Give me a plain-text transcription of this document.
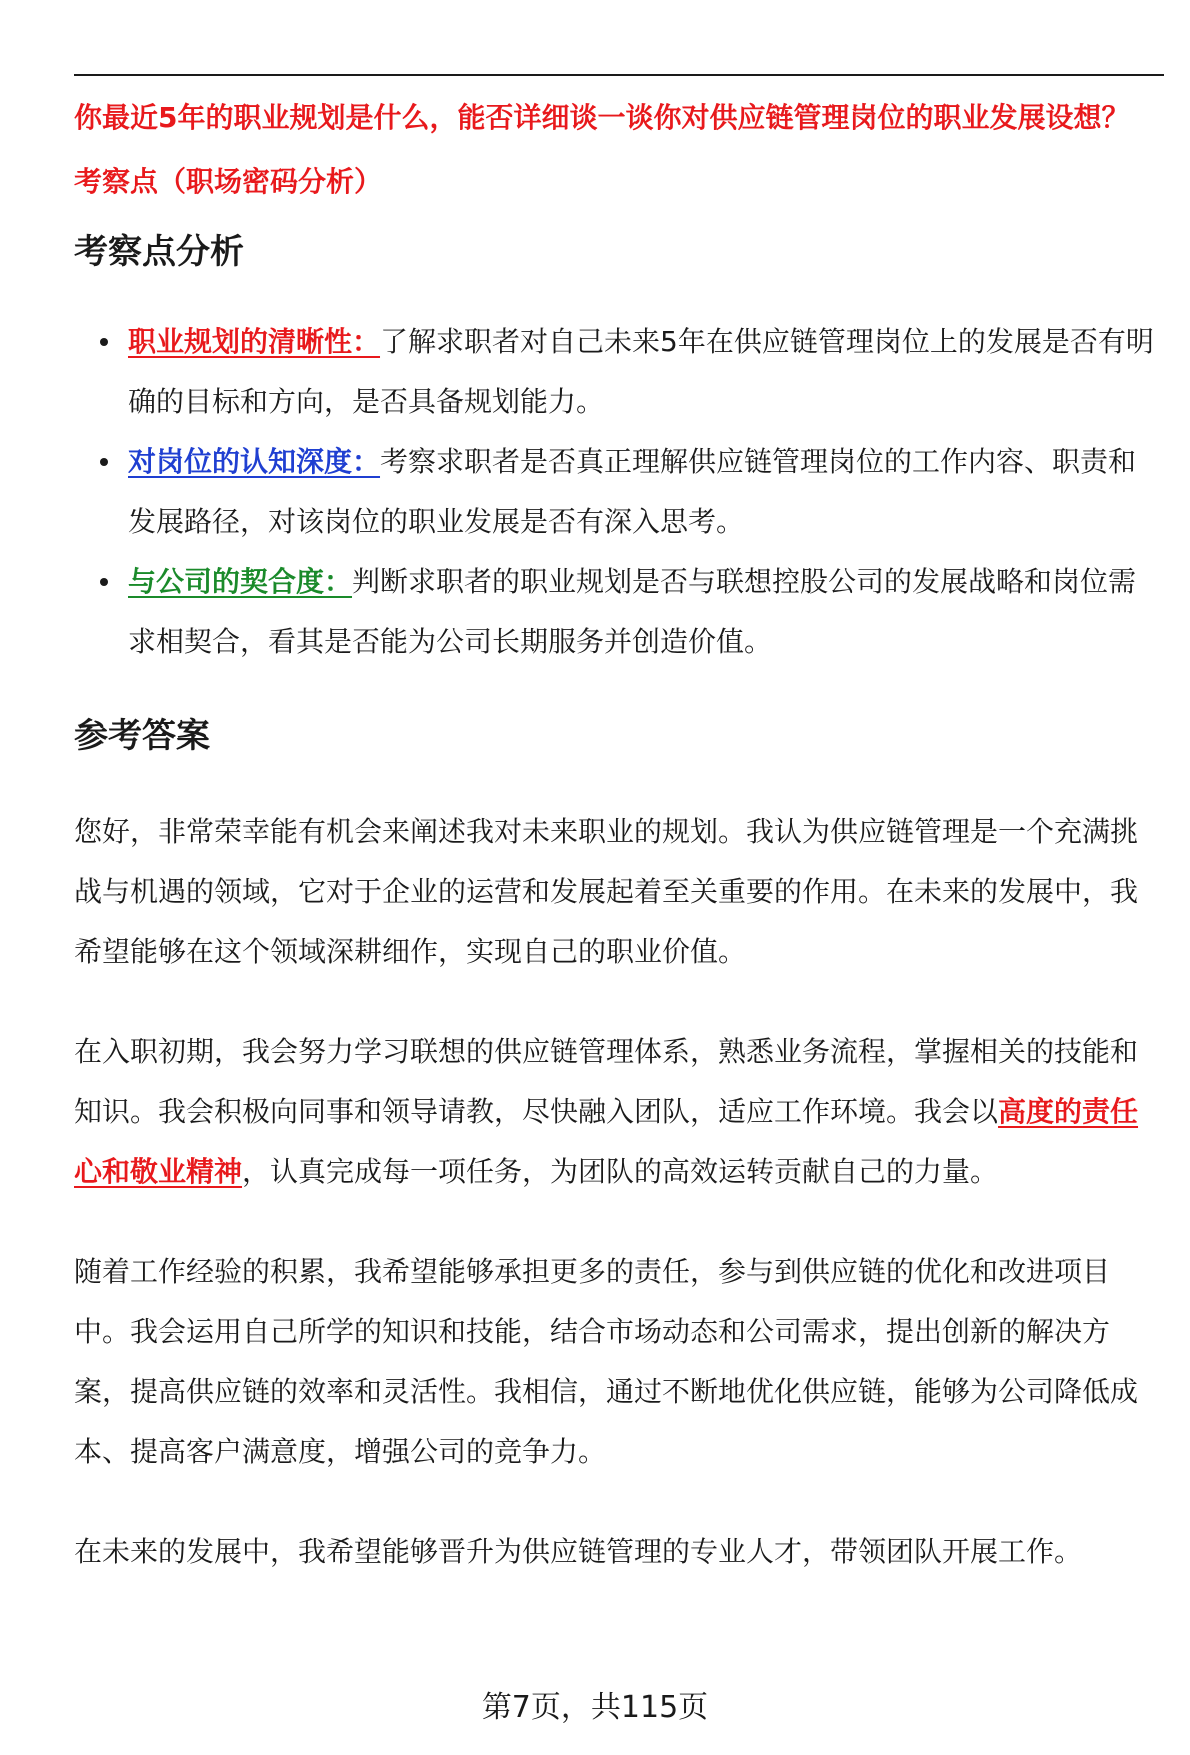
你最近5年的职业规划是什么，能否详细谈一谈你对供应链管理岗位的职业发展设想？

考察点（职场密码分析）

考察点分析
职业规划的清晰性：了解求职者对自己未来5年在供应链管理岗位上的发展是否有明确的目标和方向，是否具备规划能力。
对岗位的认知深度：考察求职者是否真正理解供应链管理岗位的工作内容、职责和发展路径，对该岗位的职业发展是否有深入思考。
与公司的契合度：判断求职者的职业规划是否与联想控股公司的发展战略和岗位需求相契合，看其是否能为公司长期服务并创造价值。
参考答案

您好，非常荣幸能有机会来阐述我对未来职业的规划。我认为供应链管理是一个充满挑战与机遇的领域，它对于企业的运营和发展起着至关重要的作用。在未来的发展中，我希望能够在这个领域深耕细作，实现自己的职业价值。

在入职初期，我会努力学习联想的供应链管理体系，熟悉业务流程，掌握相关的技能和知识。我会积极向同事和领导请教，尽快融入团队，适应工作环境。我会以高度的责任心和敬业精神，认真完成每一项任务，为团队的高效运转贡献自己的力量。

随着工作经验的积累，我希望能够承担更多的责任，参与到供应链的优化和改进项目中。我会运用自己所学的知识和技能，结合市场动态和公司需求，提出创新的解决方案，提高供应链的效率和灵活性。我相信，通过不断地优化供应链，能够为公司降低成本、提高客户满意度，增强公司的竞争力。

在未来的发展中，我希望能够晋升为供应链管理的专业人才，带领团队开展工作。

第7页，共115页
